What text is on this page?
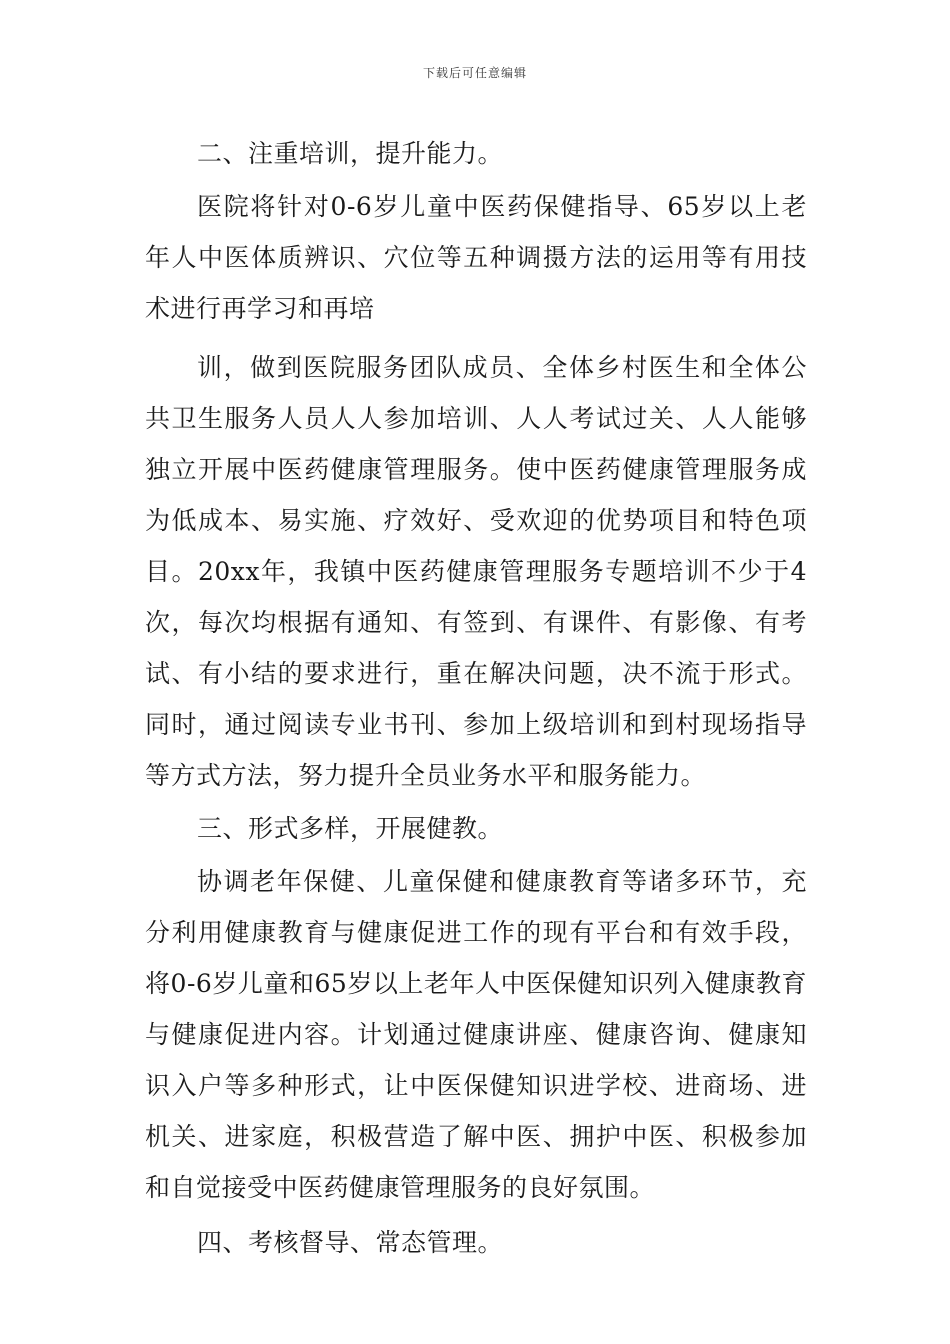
下载后可任意编辑

二、注重培训，提升能力。

医院将针对0-6岁儿童中医药保健指导、65岁以上老年人中医体质辨识、穴位等五种调摄方法的运用等有用技术进行再学习和再培

训，做到医院服务团队成员、全体乡村医生和全体公共卫生服务人员人人参加培训、人人考试过关、人人能够独立开展中医药健康管理服务。使中医药健康管理服务成为低成本、易实施、疗效好、受欢迎的优势项目和特色项目。20xx年，我镇中医药健康管理服务专题培训不少于4次，每次均根据有通知、有签到、有课件、有影像、有考试、有小结的要求进行，重在解决问题，决不流于形式。同时，通过阅读专业书刊、参加上级培训和到村现场指导等方式方法，努力提升全员业务水平和服务能力。

三、形式多样，开展健教。

协调老年保健、儿童保健和健康教育等诸多环节，充分利用健康教育与健康促进工作的现有平台和有效手段，将0-6岁儿童和65岁以上老年人中医保健知识列入健康教育与健康促进内容。计划通过健康讲座、健康咨询、健康知识入户等多种形式，让中医保健知识进学校、进商场、进机关、进家庭，积极营造了解中医、拥护中医、积极参加和自觉接受中医药健康管理服务的良好氛围。

四、考核督导、常态管理。
